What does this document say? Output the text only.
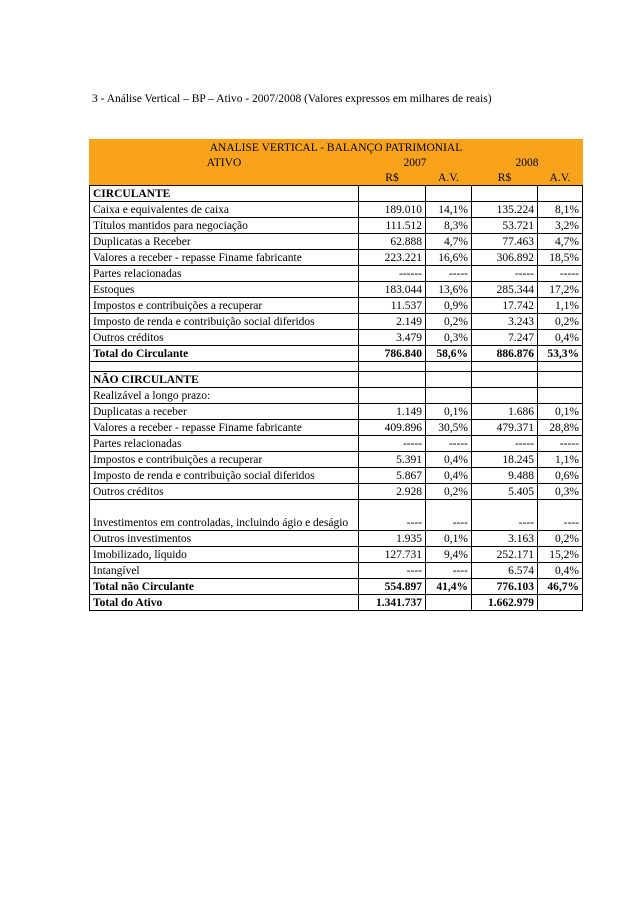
3 - Análise Vertical – BP – Ativo - 2007/2008 (Valores expressos em milhares de reais)
ANALISE VERTICAL - BALANÇO PATRIMONIAL				
ATIVO	2007		2008	
	R$	A.V.	R$	A.V.
CIRCULANTE				
Caixa e equivalentes de caixa	189.010	14,1%	135.224	8,1%
Títulos mantidos para negociação	111.512	8,3%	53.721	3,2%
Duplicatas a Receber	62.888	4,7%	77.463	4,7%
Valores a receber - repasse Finame fabricante	223.221	16,6%	306.892	18,5%
Partes relacionadas	------	-----	-----	-----
Estoques	183.044	13,6%	285.344	17,2%
Impostos e contribuições a recuperar	11.537	0,9%	17.742	1,1%
Imposto de renda e contribuição social diferidos	2.149	0,2%	3.243	0,2%
Outros créditos	3.479	0,3%	7.247	0,4%
Total do Circulante	786.840	58,6%	886.876	53,3%

NÃO CIRCULANTE				
Realizável a longo prazo:				
Duplicatas a receber	1.149	0,1%	1.686	0,1%
Valores a receber - repasse Finame fabricante	409.896	30,5%	479.371	28,8%
Partes relacionadas	-----	-----	-----	-----
Impostos e contribuições a recuperar	5.391	0,4%	18.245	1,1%
Imposto de renda e contribuição social diferidos	5.867	0,4%	9.488	0,6%
Outros créditos	2.928	0,2%	5.405	0,3%
Investimentos em controladas, incluindo ágio e deságio	----	----	----	----
Outros investimentos	1.935	0,1%	3.163	0,2%
Imobilizado, líquido	127.731	9,4%	252.171	15,2%
Intangível	----	----	6.574	0,4%
Total não Circulante	554.897	41,4%	776.103	46,7%
Total do Ativo	1.341.737		1.662.979	
